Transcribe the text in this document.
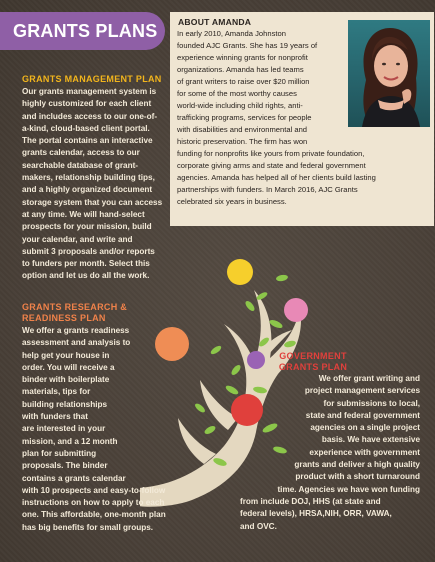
GRANTS PLANS ABOUT AMANDA
In early 2010, Amanda Johnston
founded AJC Grants. She has 19 years of
experience winning grants for nonprofit
organizations. Amanda has led teams
of grant writers to raise over $20 million
for some of the most worthy causes
world-wide including child rights, anti-
trafficking programs, services for people
with disabilities and environmental and
historic preservation. The firm has won
funding for nonprofits like yours from private foundation,
corporate giving arms and state and federal government
agencies. Amanda has helped all of her clients build lasting
partnerships with funders. In March 2016, AJC Grants
celebrated six years in business.
GRANTS MANAGEMENT PLAN
Our grants management system is
highly customized for each client
and includes access to our one-of-
a-kind, cloud-based client portal.
The portal contains an interactive
grants calendar, access to our
searchable database of grant-
makers, relationship building tips,
and a highly organized document
storage system that you can access
at any time. We will hand-select
prospects for your mission, build
your calendar, and write and
submit 3 proposals and/or reports
to funders per month. Select this
option and let us do all the work.
GRANTS RESEARCH &
READINESS PLAN
We offer a grants readiness
assessment and analysis to
help get your house in
order. You will receive a
binder with boilerplate
materials, tips for
building relationships
with funders that
are interested in your
mission, and a 12 month
plan for submitting
proposals. The binder
contains a grants calendar
with 10 prospects and easy-to-follow
instructions on how to apply to each
one. This affordable, one-month plan
has big benefits for small groups.
GOVERNMENT
GRANTS PLAN
We offer grant writing and
project management services
for submissions to local,
state and federal government
agencies on a single project
basis. We have extensive
experience with government
grants and deliver a high quality
product with a short turnaround
time. Agencies we have won funding
from include DOJ, HHS (at state and
federal levels), HRSA,NIH, ORR, VAWA,
and OVC.
